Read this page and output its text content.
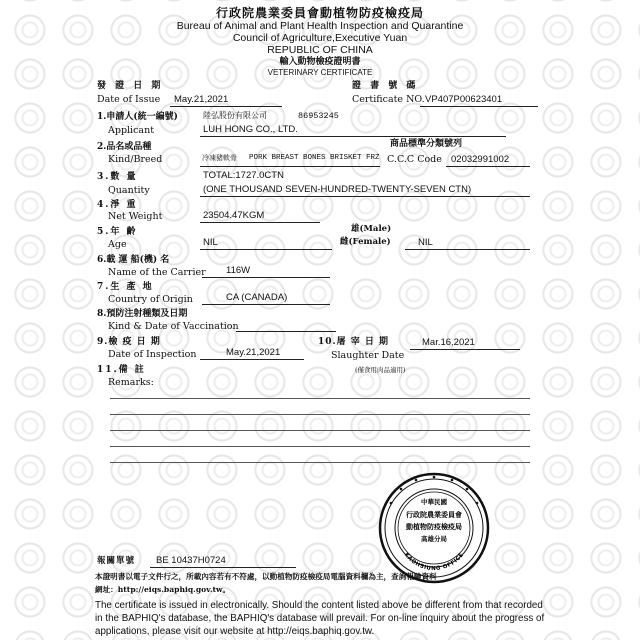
行政院農業委員會動植物防疫檢疫局
Bureau of Animal and Plant Health Inspection and Quarantine
Council of Agriculture,Executive Yuan
REPUBLIC OF CHINA
輸入動物檢疫證明書
VETERINARY CERTIFICATE
發 證 日 期
Date of Issue May.21,2021
證 書 號 碼
Certificate NO. VP407P00623401
1.申請人(統一編號)	陸弘股份有限公司	86953245
Applicant	LUH HONG CO., LTD.
2.品名或品種	商品標準分類號列
Kind/Breed	冷凍豬軟骨 PORK BREAST BONES BRISKET FRZ C.C.C Code 02032991002
3.數 量	TOTAL:1727.0CTN
Quantity	(ONE THOUSAND SEVEN-HUNDRED-TWENTY-SEVEN CTN)
4.淨 重
Net Weight	23504.47KGM
5.年 齡	雄(Male)
Age	NIL	雌(Female)	NIL
6.載 運 船(機) 名
Name of the Carrier 116W
7.生 產 地
Country of Origin	CA (CANADA)
8.預防注射種類及日期
Kind & Date of Vaccination
9.檢 疫 日 期	10.屠 宰 日 期	Mar.16,2021
Date of Inspection	May.21,2021	Slaughter Date
11.備 註	(僅食用肉品適用)
Remarks:
中華民國
行政院農業委員會
動植物防疫檢疫局
高雄分局
KAOHSIUNG OFFICE
報關單號 BE 10437H0724
本證明書以電子文件行之，所載內容若有不符處，以動植物防疫檢疫局電腦資料欄為主，查詢報驗資料
網址：http://eiqs.baphiq.gov.tw。
The certificate is issued in electronically. Should the content listed above be different from that recorded
in the BAPHIQ's database, the BAPHIQ's database will prevail. For on-line inquiry about the progress of
applications, please visit our website at http://eiqs.baphiq.gov.tw.
